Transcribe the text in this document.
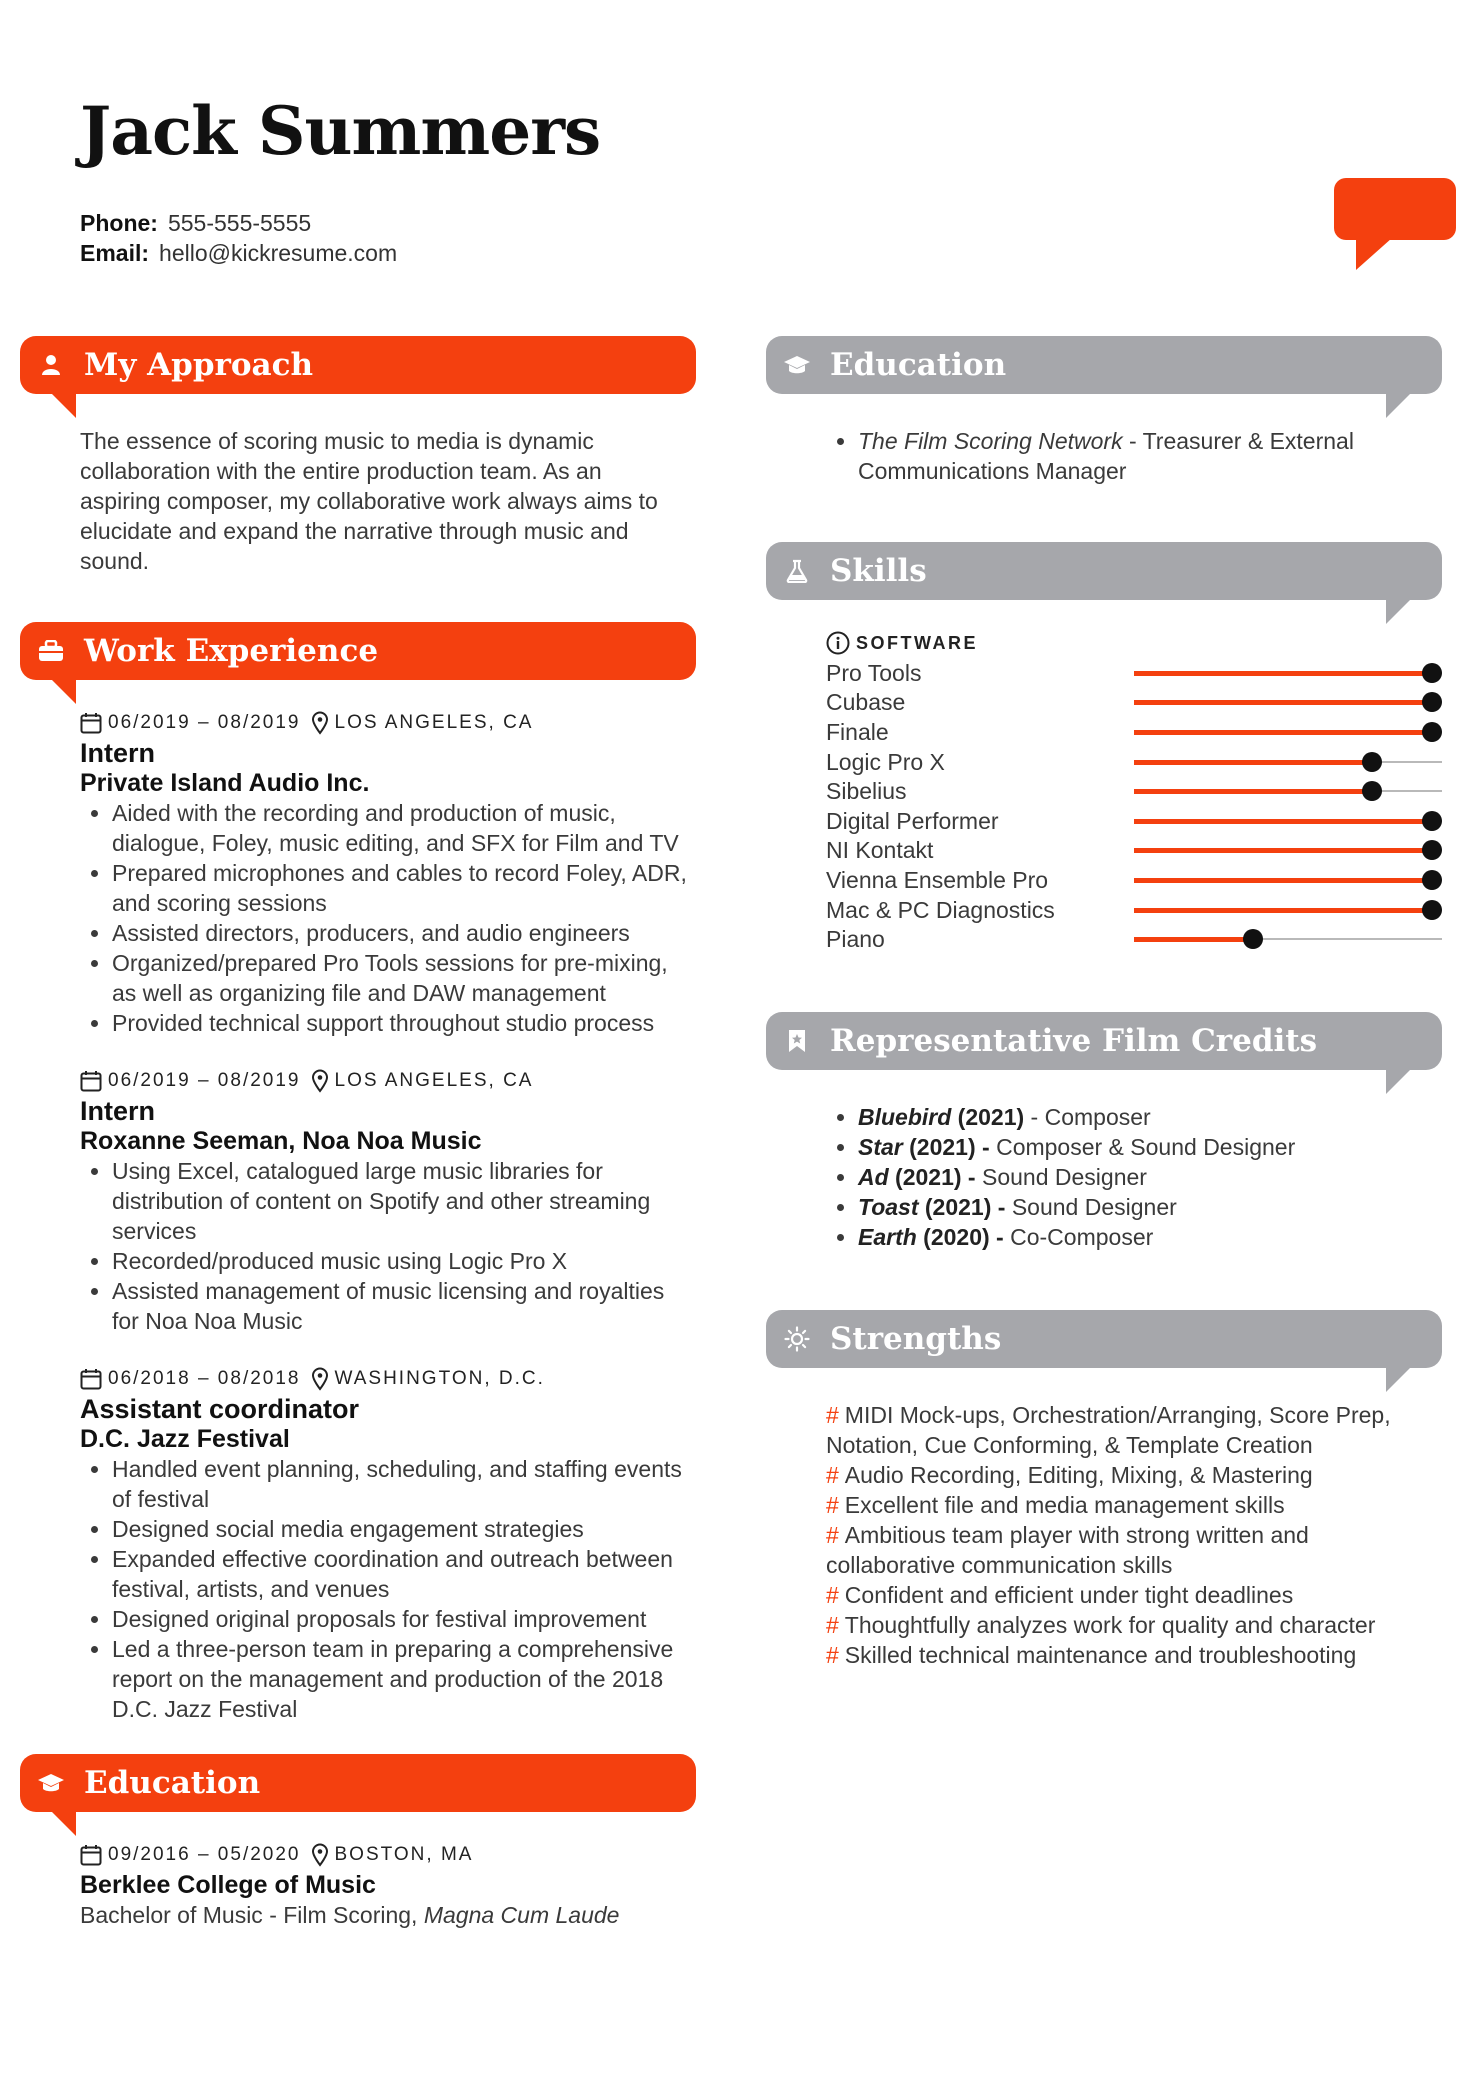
Jack Summers
Phone: 555-555-5555
Email: hello@kickresume.com
My Approach
The essence of scoring music to media is dynamic collaboration with the entire production team. As an aspiring composer, my collaborative work always aims to elucidate and expand the narrative through music and sound.
Work Experience
06/2019 – 08/2019 LOS ANGELES, CA
Intern
Private Island Audio Inc.
• Aided with the recording and production of music, dialogue, Foley, music editing, and SFX for Film and TV
• Prepared microphones and cables to record Foley, ADR, and scoring sessions
• Assisted directors, producers, and audio engineers
• Organized/prepared Pro Tools sessions for pre-mixing, as well as organizing file and DAW management
• Provided technical support throughout studio process
06/2019 – 08/2019 LOS ANGELES, CA
Intern
Roxanne Seeman, Noa Noa Music
• Using Excel, catalogued large music libraries for distribution of content on Spotify and other streaming services
• Recorded/produced music using Logic Pro X
• Assisted management of music licensing and royalties for Noa Noa Music
06/2018 – 08/2018 WASHINGTON, D.C.
Assistant coordinator
D.C. Jazz Festival
• Handled event planning, scheduling, and staffing events of festival
• Designed social media engagement strategies
• Expanded effective coordination and outreach between festival, artists, and venues
• Designed original proposals for festival improvement
• Led a three-person team in preparing a comprehensive report on the management and production of the 2018 D.C. Jazz Festival
Education
09/2016 – 05/2020 BOSTON, MA
Berklee College of Music
Bachelor of Music - Film Scoring, Magna Cum Laude
Education
• The Film Scoring Network - Treasurer & External Communications Manager
Skills
SOFTWARE
Pro Tools
Cubase
Finale
Logic Pro X
Sibelius
Digital Performer
NI Kontakt
Vienna Ensemble Pro
Mac & PC Diagnostics
Piano
Representative Film Credits
• Bluebird (2021) - Composer
• Star (2021) - Composer & Sound Designer
• Ad (2021) - Sound Designer
• Toast (2021) - Sound Designer
• Earth (2020) - Co-Composer
Strengths
# MIDI Mock-ups, Orchestration/Arranging, Score Prep, Notation, Cue Conforming, & Template Creation
# Audio Recording, Editing, Mixing, & Mastering
# Excellent file and media management skills
# Ambitious team player with strong written and collaborative communication skills
# Confident and efficient under tight deadlines
# Thoughtfully analyzes work for quality and character
# Skilled technical maintenance and troubleshooting
